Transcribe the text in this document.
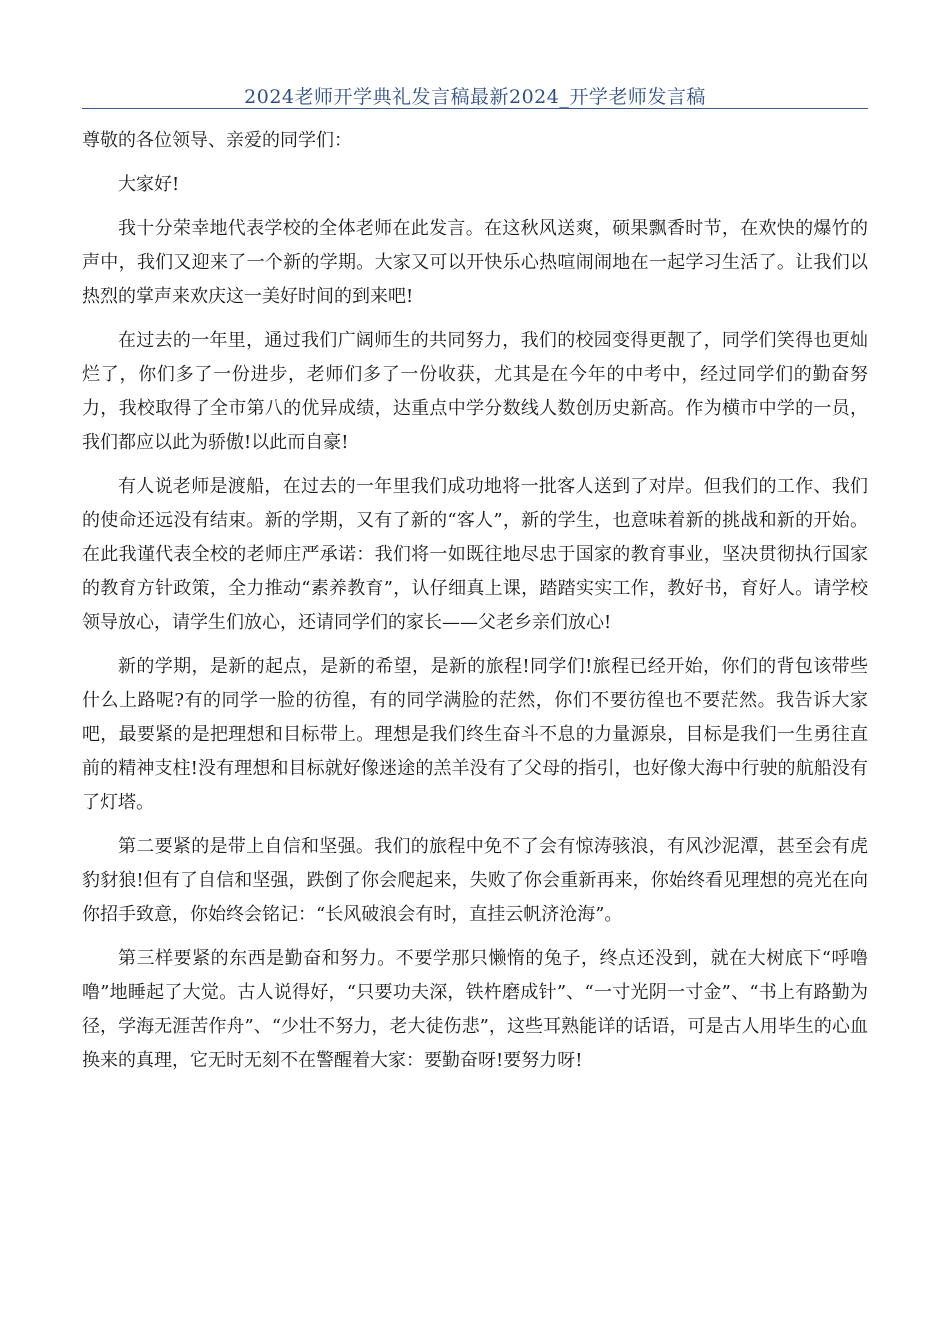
2024老师开学典礼发言稿最新2024_开学老师发言稿

尊敬的各位领导、亲爱的同学们：

大家好!

我十分荣幸地代表学校的全体老师在此发言。在这秋风送爽，硕果飘香时节，在欢快的爆竹的声中，我们又迎来了一个新的学期。大家又可以开快乐心热喧闹闹地在一起学习生活了。让我们以热烈的掌声来欢庆这一美好时间的到来吧!

在过去的一年里，通过我们广阔师生的共同努力，我们的校园变得更靓了，同学们笑得也更灿烂了，你们多了一份进步，老师们多了一份收获，尤其是在今年的中考中，经过同学们的勤奋努力，我校取得了全市第八的优异成绩，达重点中学分数线人数创历史新高。作为横市中学的一员，我们都应以此为骄傲!以此而自豪!

有人说老师是渡船，在过去的一年里我们成功地将一批客人送到了对岸。但我们的工作、我们的使命还远没有结束。新的学期，又有了新的“客人”，新的学生，也意味着新的挑战和新的开始。在此我谨代表全校的老师庄严承诺：我们将一如既往地尽忠于国家的教育事业，坚决贯彻执行国家的教育方针政策，全力推动“素养教育”，认仔细真上课，踏踏实实工作，教好书，育好人。请学校领导放心，请学生们放心，还请同学们的家长——父老乡亲们放心!

新的学期，是新的起点，是新的希望，是新的旅程!同学们!旅程已经开始，你们的背包该带些什么上路呢?有的同学一脸的彷徨，有的同学满脸的茫然，你们不要彷徨也不要茫然。我告诉大家吧，最要紧的是把理想和目标带上。理想是我们终生奋斗不息的力量源泉，目标是我们一生勇往直前的精神支柱!没有理想和目标就好像迷途的羔羊没有了父母的指引，也好像大海中行驶的航船没有了灯塔。

第二要紧的是带上自信和坚强。我们的旅程中免不了会有惊涛骇浪，有风沙泥潭，甚至会有虎豹豺狼!但有了自信和坚强，跌倒了你会爬起来，失败了你会重新再来，你始终看见理想的亮光在向你招手致意，你始终会铭记：“长风破浪会有时，直挂云帆济沧海”。

第三样要紧的东西是勤奋和努力。不要学那只懒惰的兔子，终点还没到，就在大树底下“呼噜噜”地睡起了大觉。古人说得好，“只要功夫深，铁杵磨成针”、“一寸光阴一寸金”、“书上有路勤为径，学海无涯苦作舟”、“少壮不努力，老大徒伤悲”，这些耳熟能详的话语，可是古人用毕生的心血换来的真理，它无时无刻不在警醒着大家：要勤奋呀!要努力呀!
